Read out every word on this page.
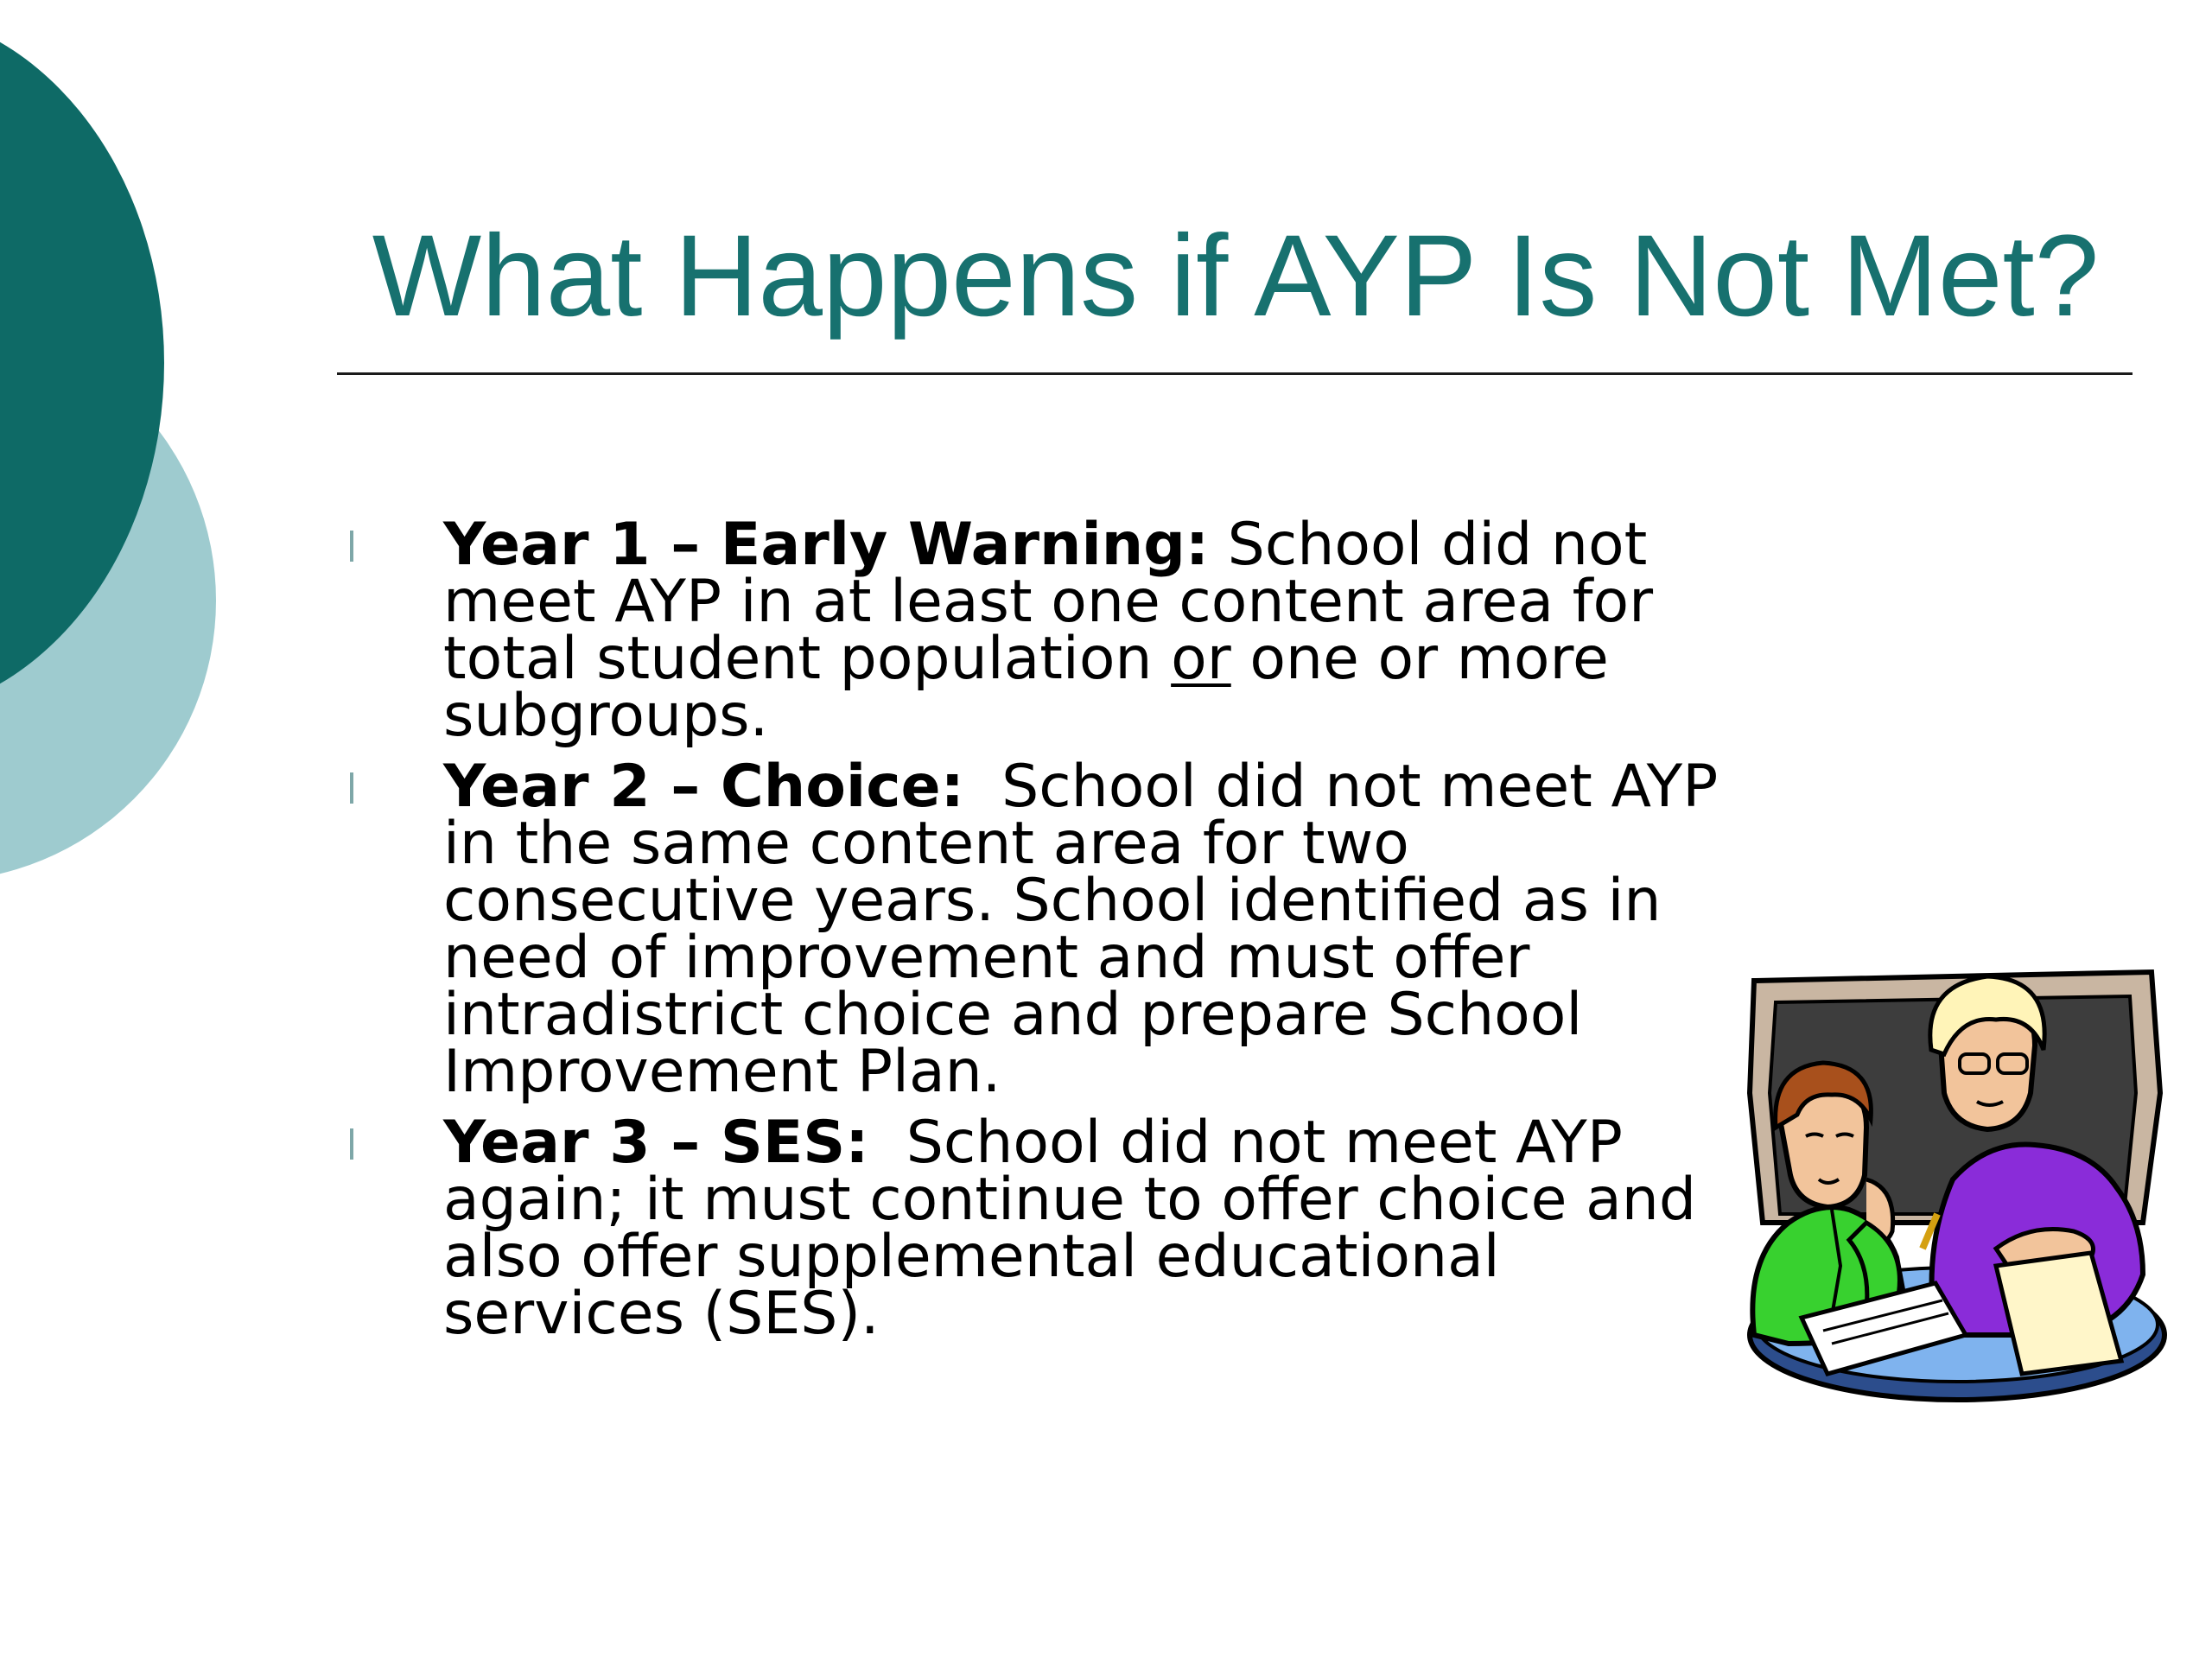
What Happens if AYP Is Not Met?
Year 1 – Early Warning: School did not meet AYP in at least one content area for total student population or one or more subgroups.
Year 2 – Choice:  School did not meet AYP in the same content area for two consecutive years. School identified as in need of improvement and must offer intradistrict choice and prepare School Improvement Plan.
Year 3 – SES:  School did not meet AYP again; it must continue to offer choice and also offer supplemental educational services (SES).
